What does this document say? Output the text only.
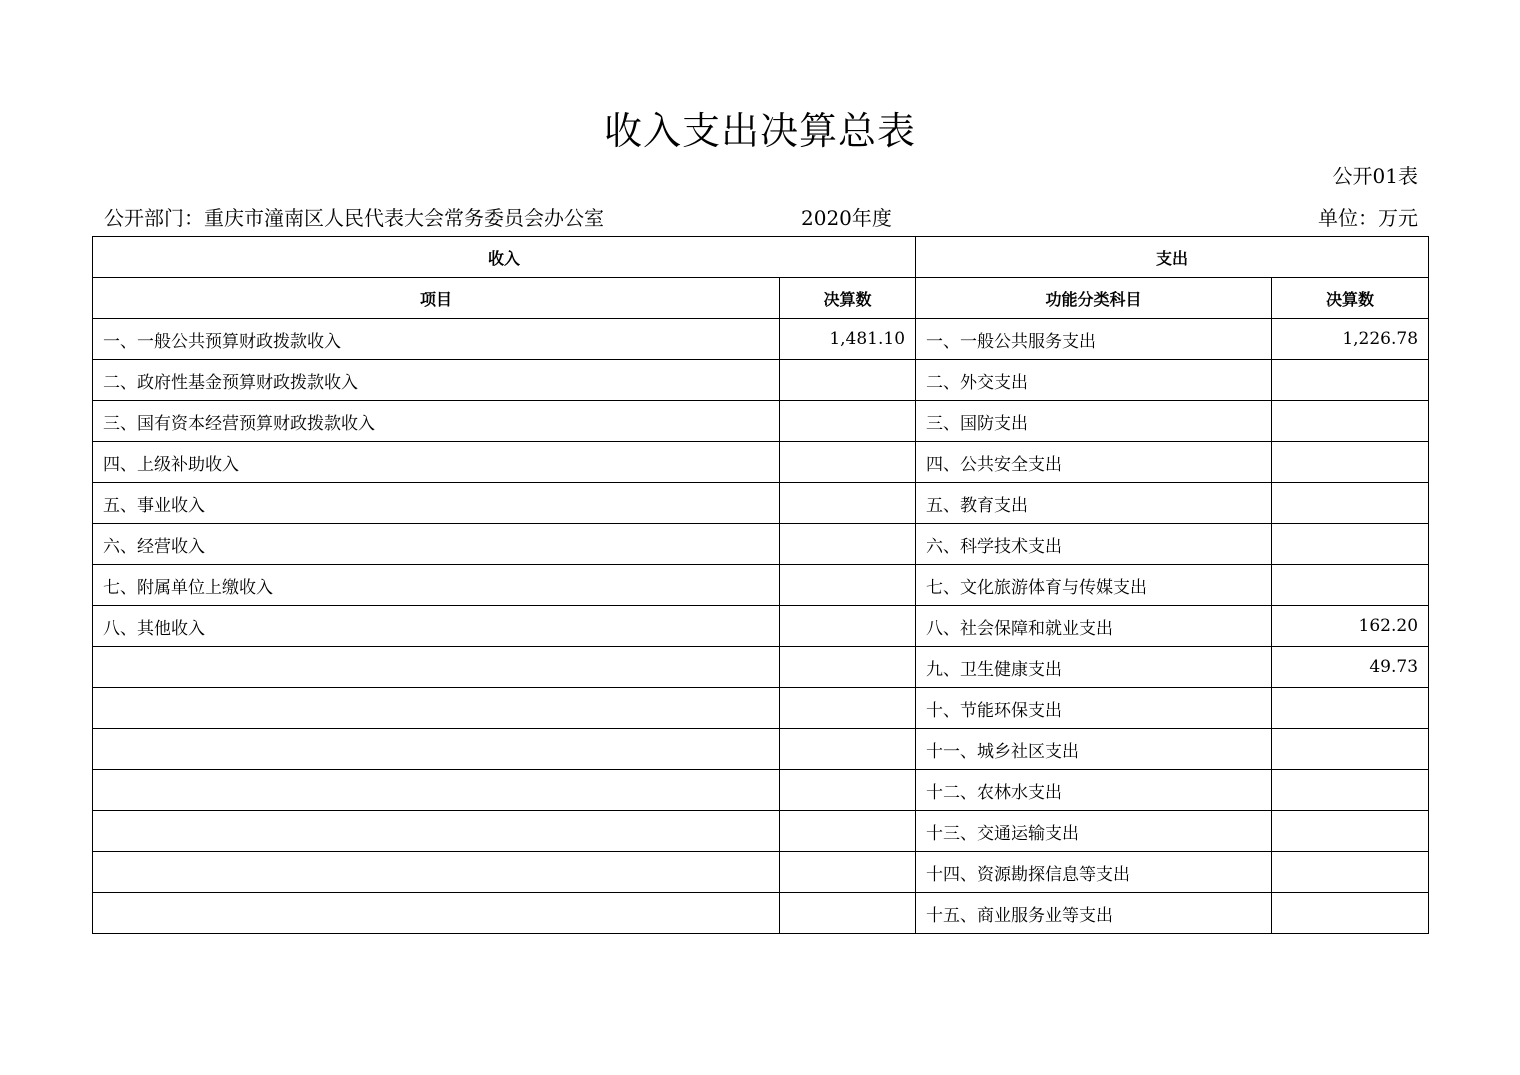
收入支出决算总表
公开01表
公开部门：重庆市潼南区人民代表大会常务委员会办公室	2020年度	单位：万元
收入		支出	
项目	决算数	功能分类科目	决算数
一、一般公共预算财政拨款收入	1,481.10	一、一般公共服务支出	1,226.78
二、政府性基金预算财政拨款收入		二、外交支出	
三、国有资本经营预算财政拨款收入		三、国防支出	
四、上级补助收入		四、公共安全支出	
五、事业收入		五、教育支出	
六、经营收入		六、科学技术支出	
七、附属单位上缴收入		七、文化旅游体育与传媒支出	
八、其他收入		八、社会保障和就业支出	162.20
		九、卫生健康支出	49.73
		十、节能环保支出	
		十一、城乡社区支出	
		十二、农林水支出	
		十三、交通运输支出	
		十四、资源勘探信息等支出	
		十五、商业服务业等支出	
